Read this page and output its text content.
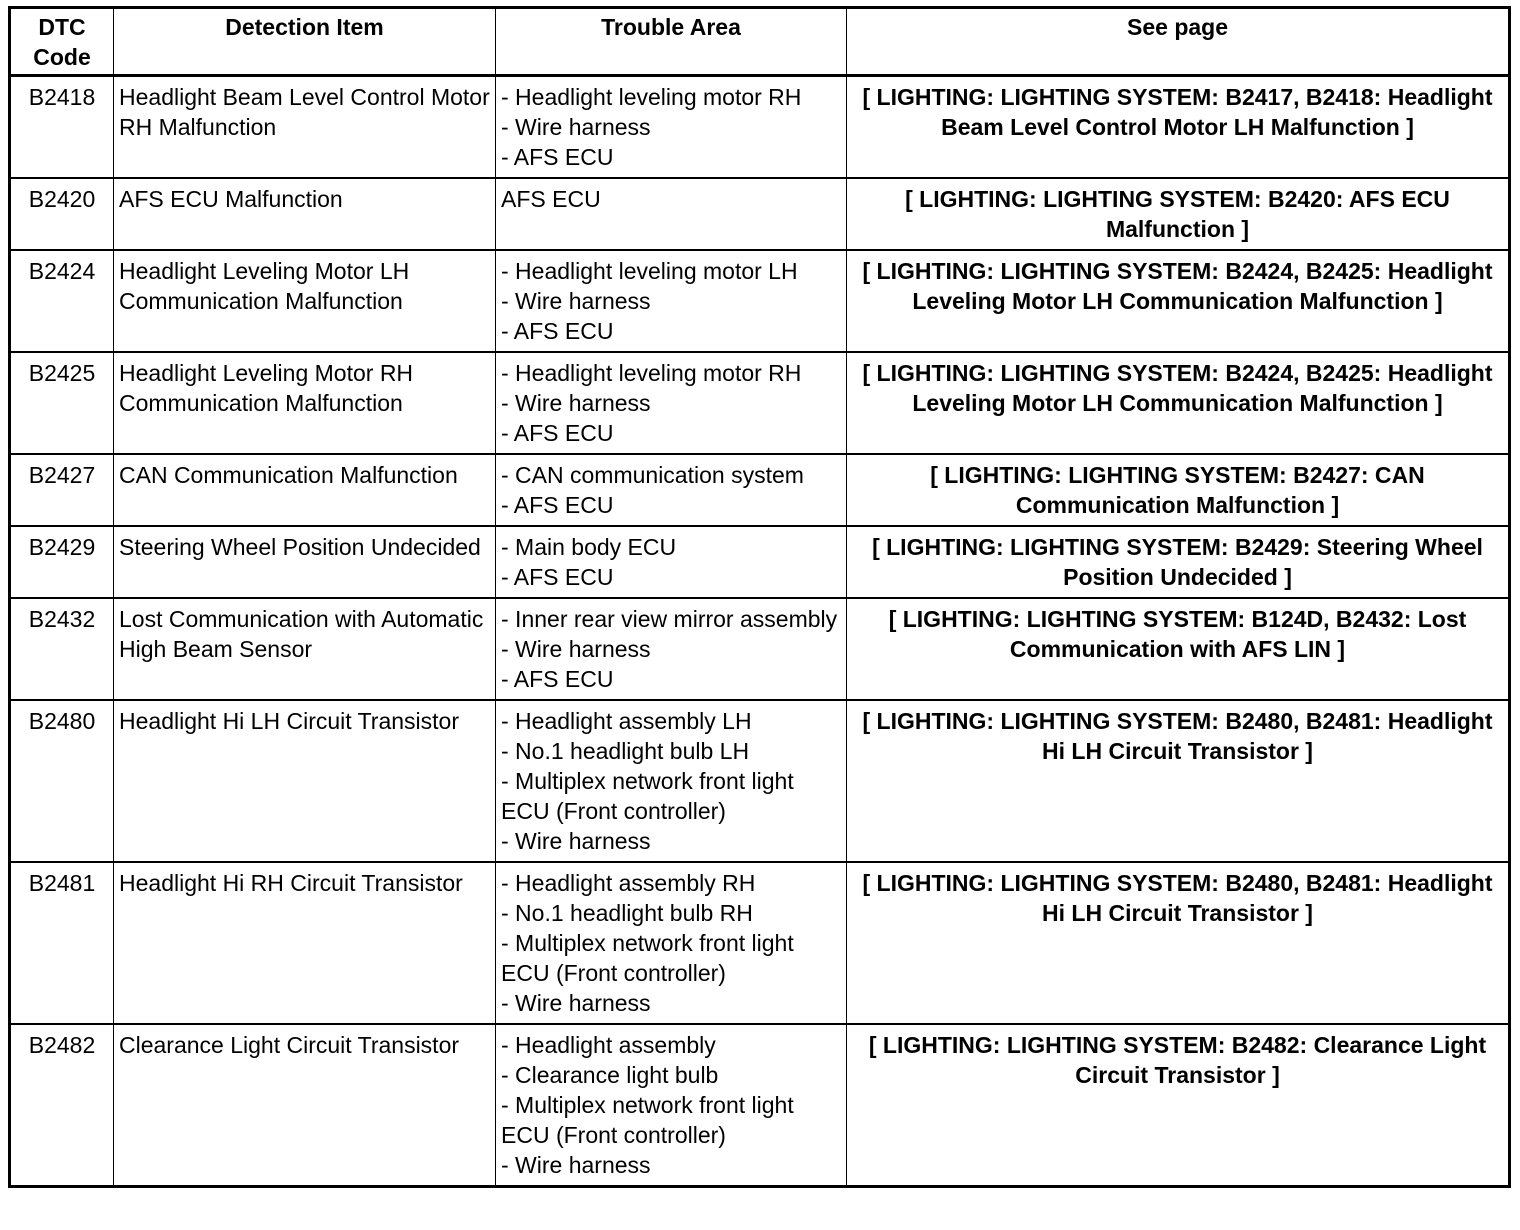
DTC
Code	Detection Item	Trouble Area	See page
B2418	Headlight Beam Level Control Motor RH Malfunction	- Headlight leveling motor RH
- Wire harness
- AFS ECU	[ LIGHTING: LIGHTING SYSTEM: B2417, B2418: Headlight Beam Level Control Motor LH Malfunction ]
B2420	AFS ECU Malfunction	AFS ECU	[ LIGHTING: LIGHTING SYSTEM: B2420: AFS ECU Malfunction ]
B2424	Headlight Leveling Motor LH Communication Malfunction	- Headlight leveling motor LH
- Wire harness
- AFS ECU	[ LIGHTING: LIGHTING SYSTEM: B2424, B2425: Headlight Leveling Motor LH Communication Malfunction ]
B2425	Headlight Leveling Motor RH Communication Malfunction	- Headlight leveling motor RH
- Wire harness
- AFS ECU	[ LIGHTING: LIGHTING SYSTEM: B2424, B2425: Headlight Leveling Motor LH Communication Malfunction ]
B2427	CAN Communication Malfunction	- CAN communication system
- AFS ECU	[ LIGHTING: LIGHTING SYSTEM: B2427: CAN Communication Malfunction ]
B2429	Steering Wheel Position Undecided	- Main body ECU
- AFS ECU	[ LIGHTING: LIGHTING SYSTEM: B2429: Steering Wheel Position Undecided ]
B2432	Lost Communication with Automatic High Beam Sensor	- Inner rear view mirror assembly
- Wire harness
- AFS ECU	[ LIGHTING: LIGHTING SYSTEM: B124D, B2432: Lost Communication with AFS LIN ]
B2480	Headlight Hi LH Circuit Transistor	- Headlight assembly LH
- No.1 headlight bulb LH
- Multiplex network front light ECU (Front controller)
- Wire harness	[ LIGHTING: LIGHTING SYSTEM: B2480, B2481: Headlight Hi LH Circuit Transistor ]
B2481	Headlight Hi RH Circuit Transistor	- Headlight assembly RH
- No.1 headlight bulb RH
- Multiplex network front light ECU (Front controller)
- Wire harness	[ LIGHTING: LIGHTING SYSTEM: B2480, B2481: Headlight Hi LH Circuit Transistor ]
B2482	Clearance Light Circuit Transistor	- Headlight assembly
- Clearance light bulb
- Multiplex network front light ECU (Front controller)
- Wire harness	[ LIGHTING: LIGHTING SYSTEM: B2482: Clearance Light Circuit Transistor ]
